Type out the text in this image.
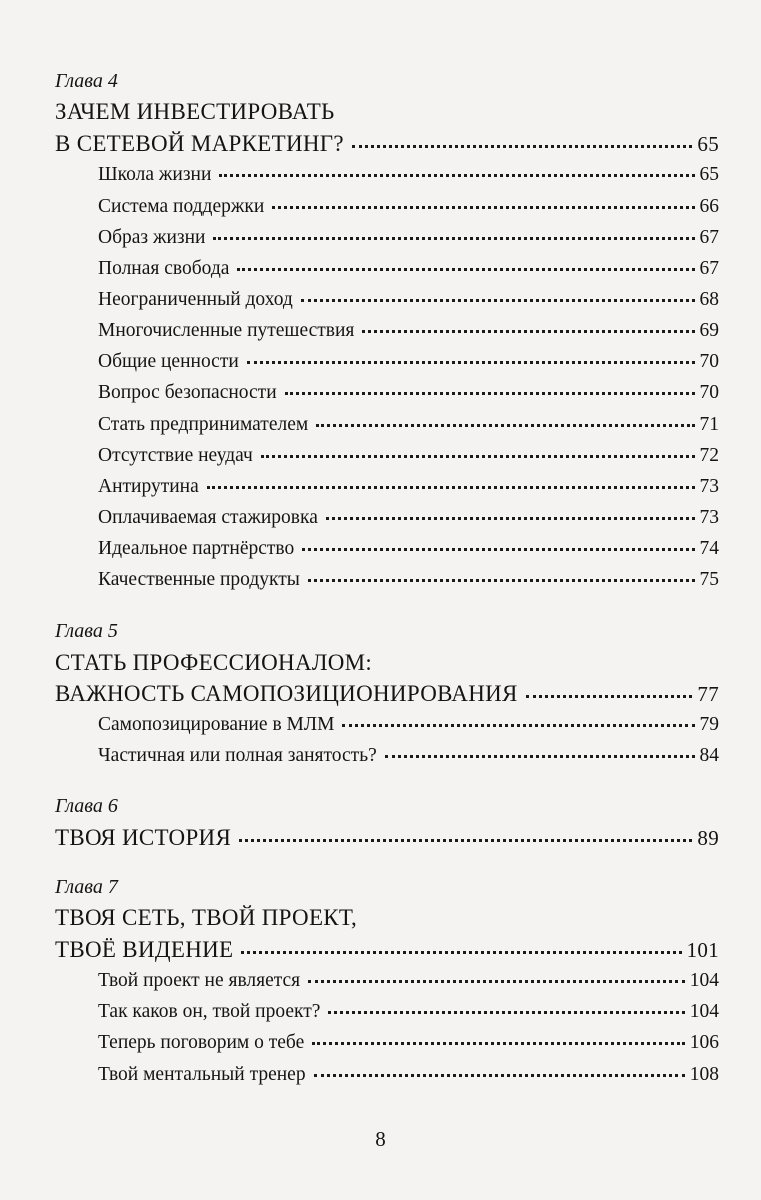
Глава 4
ЗАЧЕМ ИНВЕСТИРОВАТЬ
В СЕТЕВОЙ МАРКЕТИНГ?	65
Школа жизни	65
Система поддержки	66
Образ жизни	67
Полная свобода	67
Неограниченный доход	68
Многочисленные путешествия	69
Общие ценности	70
Вопрос безопасности	70
Стать предпринимателем	71
Отсутствие неудач	72
Антирутина	73
Оплачиваемая стажировка	73
Идеальное партнёрство	74
Качественные продукты	75
Глава 5
СТАТЬ ПРОФЕССИОНАЛОМ:
ВАЖНОСТЬ САМОПОЗИЦИОНИРОВАНИЯ	77
Самопозицирование в МЛМ	79
Частичная или полная занятость?	84
Глава 6
ТВОЯ ИСТОРИЯ	89
Глава 7
ТВОЯ СЕТЬ, ТВОЙ ПРОЕКТ,
ТВОЁ ВИДЕНИЕ	101
Твой проект не является	104
Так каков он, твой проект?	104
Теперь поговорим о тебе	106
Твой ментальный тренер	108
8
